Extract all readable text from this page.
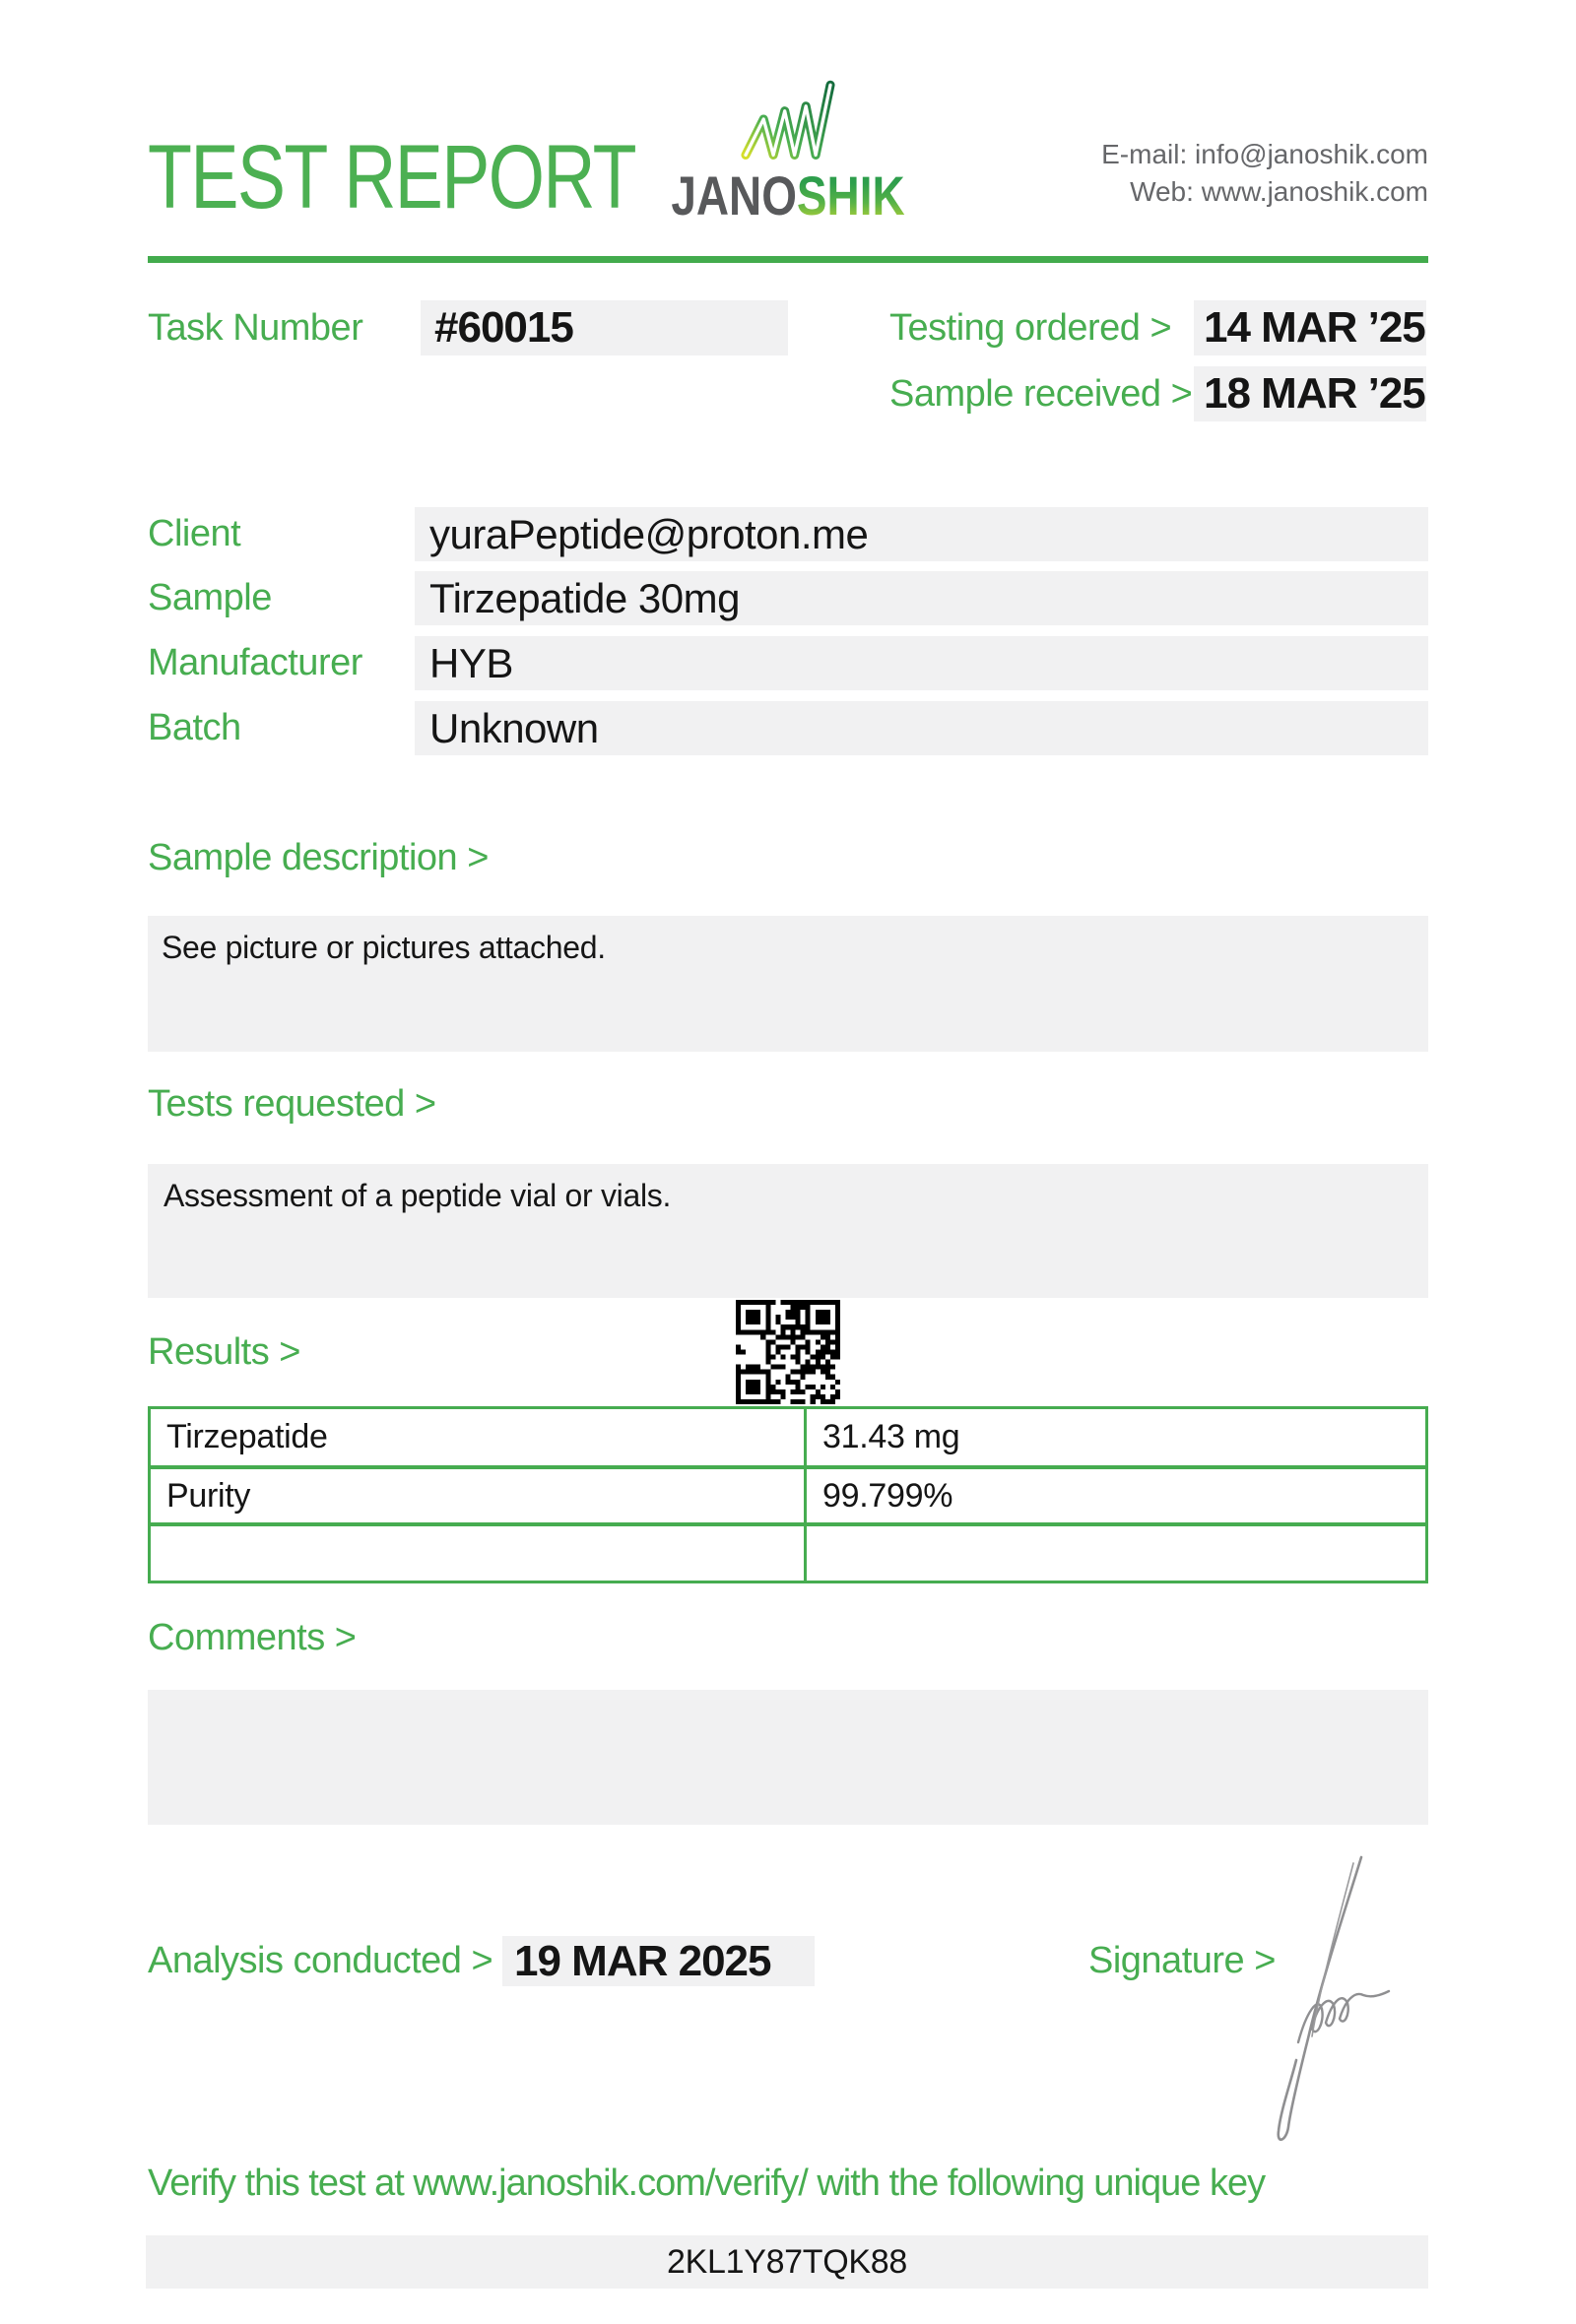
TEST REPORT JANOSHIK
E-mail: info@janoshik.com
Web: www.janoshik.com
Task Number	#60015	Testing ordered > 14 MAR ’25
Sample received > 18 MAR ’25
Client	yuraPeptide@proton.me
Sample	Tirzepatide 30mg
Manufacturer	HYB
Batch	Unknown
Sample description >
See picture or pictures attached.
Tests requested >
Assessment of a peptide vial or vials.
Results >
Tirzepatide	31.43 mg
Purity	99.799%
Comments >
Analysis conducted > 19 MAR 2025	Signature >
Verify this test at www.janoshik.com/verify/ with the following unique key
2KL1Y87TQK88
